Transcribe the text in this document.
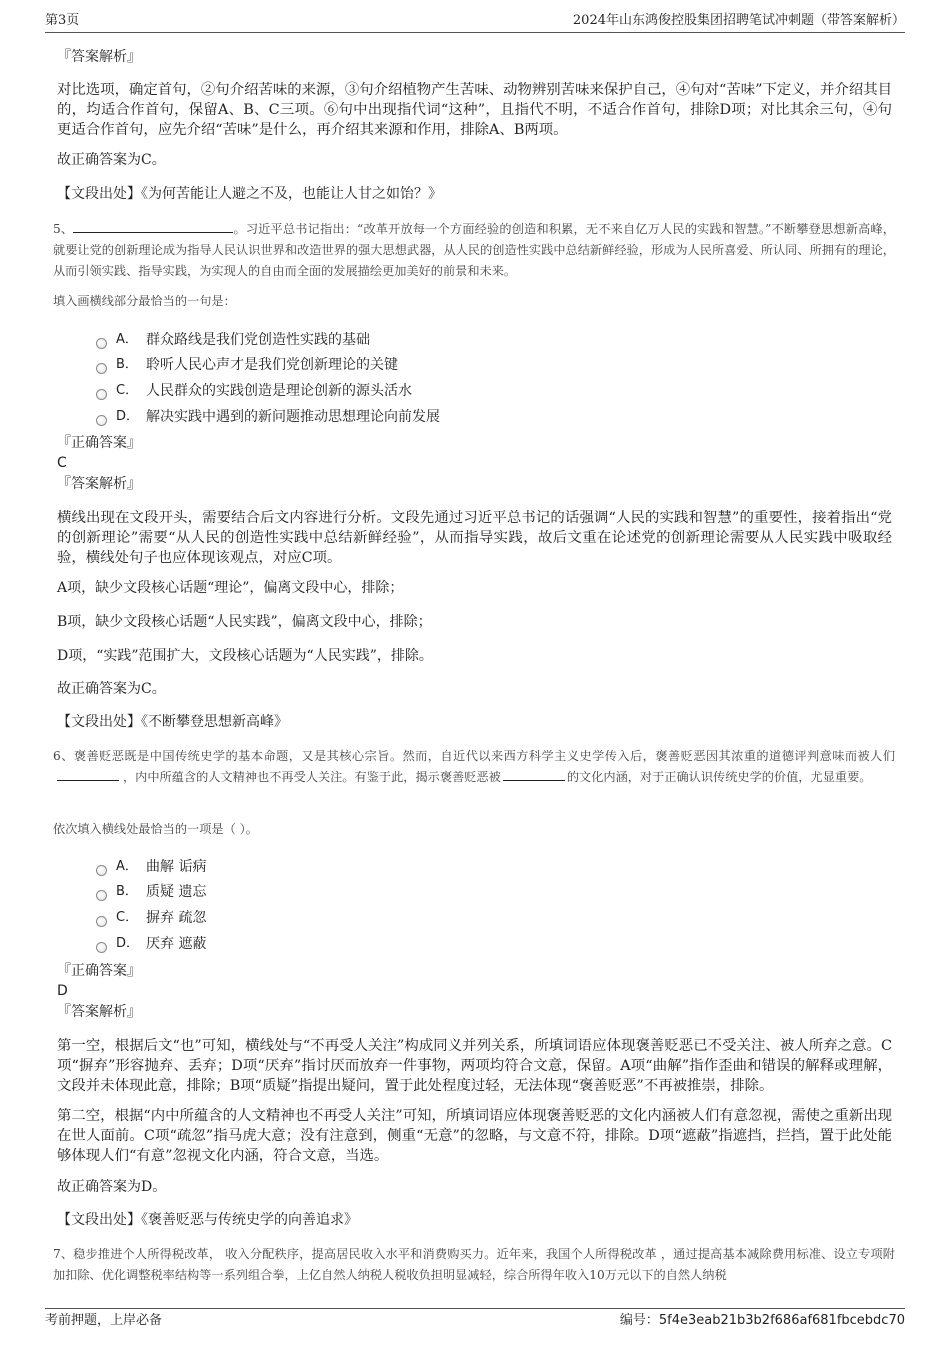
第3页	2024年山东鸿俊控股集团招聘笔试冲刺题（带答案解析）
『答案解析』

对比选项，确定首句，②句介绍苦味的来源，③句介绍植物产生苦味、动物辨别苦味来保护自己，④句对“苦味”下定义，并介绍其目的，均适合作首句，保留A、B、C三项。⑥句中出现指代词“这种”，且指代不明，不适合作首句，排除D项；对比其余三句，④句更适合作首句，应先介绍“苦味”是什么，再介绍其来源和作用，排除A、B两项。

故正确答案为C。
【文段出处】《为何苦能让人避之不及，也能让人甘之如饴？》

5、	。习近平总书记指出：“改革开放每一个方面经验的创造和积累，无不来自亿万人民的实践和智慧。”不断攀登思想新高峰，就要让党的创新理论成为指导人民认识世界和改造世界的强大思想武器，从人民的创造性实践中总结新鲜经验，形成为人民所喜爱、所认同、所拥有的理论，从而引领实践、指导实践，为实现人的自由而全面的发展描绘更加美好的前景和未来。

填入画横线部分最恰当的一句是：
A． 群众路线是我们党创造性实践的基础
B． 聆听人民心声才是我们党创新理论的关键
C． 人民群众的实践创造是理论创新的源头活水
D． 解决实践中遇到的新问题推动思想理论向前发展
『正确答案』
C
『答案解析』

横线出现在文段开头，需要结合后文内容进行分析。文段先通过习近平总书记的话强调“人民的实践和智慧”的重要性，接着指出“党的创新理论”需要“从人民的创造性实践中总结新鲜经验”，从而指导实践，故后文重在论述党的创新理论需要从人民实践中吸取经验，横线处句子也应体现该观点，对应C项。

A项，缺少文段核心话题“理论”，偏离文段中心，排除；
B项，缺少文段核心话题“人民实践”，偏离文段中心，排除；
D项，“实践”范围扩大，文段核心话题为“人民实践”，排除。
故正确答案为C。
【文段出处】《不断攀登思想新高峰》

6、褒善贬恶既是中国传统史学的基本命题，又是其核心宗旨。然而，自近代以来西方科学主义史学传入后，褒善贬恶因其浓重的道德评判意味而被人们，内中所蕴含的人文精神也不再受人关注。有鉴于此，揭示褒善贬恶被	的文化内涵，对于正确认识传统史学的价值，尤显重要。

依次填入横线处最恰当的一项是（ ）。
A． 曲解 诟病
B． 质疑 遗忘
C． 摒弃 疏忽
D． 厌弃 遮蔽
『正确答案』
D
『答案解析』

第一空，根据后文“也”可知，横线处与“不再受人关注”构成同义并列关系，所填词语应体现褒善贬恶已不受关注、被人所弃之意。C项“摒弃”形容抛弃、丢弃；D项“厌弃”指讨厌而放弃一件事物，两项均符合文意，保留。A项“曲解”指作歪曲和错误的解释或理解，文段并未体现此意，排除；B项“质疑”指提出疑问，置于此处程度过轻，无法体现“褒善贬恶”不再被推崇，排除。

第二空，根据“内中所蕴含的人文精神也不再受人关注”可知，所填词语应体现褒善贬恶的文化内涵被人们有意忽视，需使之重新出现在世人面前。C项“疏忽”指马虎大意；没有注意到，侧重“无意”的忽略，与文意不符，排除。D项“遮蔽”指遮挡，拦挡，置于此处能够体现人们“有意”忽视文化内涵，符合文意，当选。

故正确答案为D。
【文段出处】《褒善贬恶与传统史学的向善追求》

7、稳步推进个人所得税改革， 收入分配秩序，提高居民收入水平和消费购买力。近年来，我国个人所得税改革 ，通过提高基本减除费用标准、设立专项附加扣除、优化调整税率结构等一系列组合拳，上亿自然人纳税人税收负担明显减轻，综合所得年收入10万元以下的自然人纳税

考前押题，上岸必备	编号：5f4e3eab21b3b2f686af681fbcebdc70
